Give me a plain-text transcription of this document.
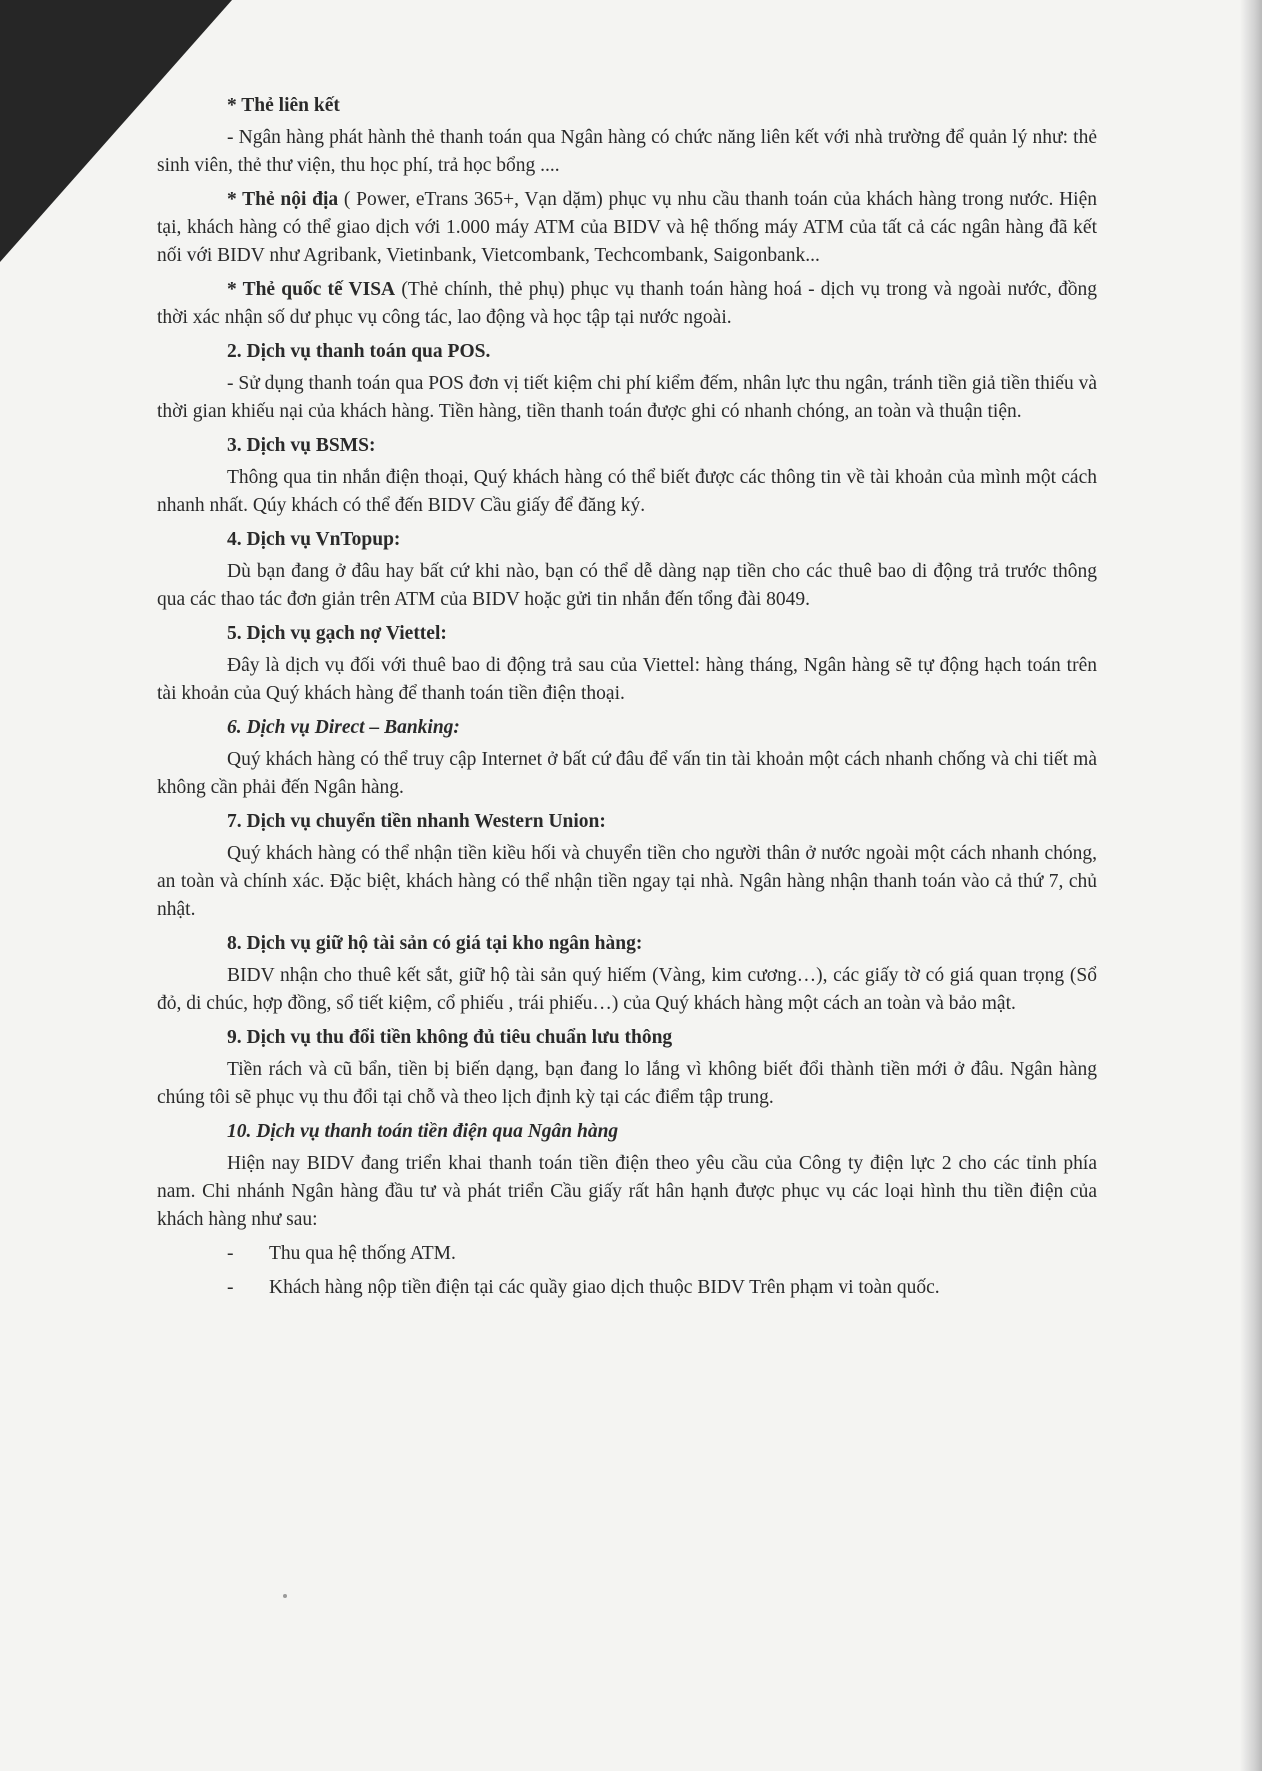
* Thẻ liên kết

- Ngân hàng phát hành thẻ thanh toán qua Ngân hàng có chức năng liên kết với nhà trường để quản lý như: thẻ sinh viên, thẻ thư viện, thu học phí, trả học bổng ....

* Thẻ nội địa ( Power, eTrans 365+, Vạn dặm) phục vụ nhu cầu thanh toán của khách hàng trong nước. Hiện tại, khách hàng có thể giao dịch với 1.000 máy ATM của BIDV và hệ thống máy ATM của tất cả các ngân hàng đã kết nối với BIDV như Agribank, Vietinbank, Vietcombank, Techcombank, Saigonbank...

* Thẻ quốc tế VISA (Thẻ chính, thẻ phụ) phục vụ thanh toán hàng hoá - dịch vụ trong và ngoài nước, đồng thời xác nhận số dư phục vụ công tác, lao động và học tập tại nước ngoài.

2. Dịch vụ thanh toán qua POS.

- Sử dụng thanh toán qua POS đơn vị tiết kiệm chi phí kiểm đếm, nhân lực thu ngân, tránh tiền giả tiền thiếu và thời gian khiếu nại của khách hàng. Tiền hàng, tiền thanh toán được ghi có nhanh chóng, an toàn và thuận tiện.

3. Dịch vụ BSMS:

Thông qua tin nhắn điện thoại, Quý khách hàng có thể biết được các thông tin về tài khoản của mình một cách nhanh nhất. Qúy khách có thể đến BIDV Cầu giấy để đăng ký.

4. Dịch vụ VnTopup:

Dù bạn đang ở đâu hay bất cứ khi nào, bạn có thể dễ dàng nạp tiền cho các thuê bao di động trả trước thông qua các thao tác đơn giản trên ATM của BIDV hoặc gửi tin nhắn đến tổng đài 8049.

5. Dịch vụ gạch nợ Viettel:

Đây là dịch vụ đối với thuê bao di động trả sau của Viettel: hàng tháng, Ngân hàng sẽ tự động hạch toán trên tài khoản của Quý khách hàng để thanh toán tiền điện thoại.

6. Dịch vụ Direct – Banking:

Quý khách hàng có thể truy cập Internet ở bất cứ đâu để vấn tin tài khoản một cách nhanh chống và chi tiết mà không cần phải đến Ngân hàng.

7. Dịch vụ chuyển tiền nhanh Western Union:

Quý khách hàng có thể nhận tiền kiều hối và chuyển tiền cho người thân ở nước ngoài một cách nhanh chóng, an toàn và chính xác. Đặc biệt, khách hàng có thể nhận tiền ngay tại nhà. Ngân hàng nhận thanh toán vào cả thứ 7, chủ nhật.

8. Dịch vụ giữ hộ tài sản có giá tại kho ngân hàng:

BIDV nhận cho thuê kết sắt, giữ hộ tài sản quý hiếm (Vàng, kim cương…), các giấy tờ có giá quan trọng (Sổ đỏ, di chúc, hợp đồng, sổ tiết kiệm, cổ phiếu , trái phiếu…) của Quý khách hàng một cách an toàn và bảo mật.

9. Dịch vụ thu đổi tiền không đủ tiêu chuẩn lưu thông

Tiền rách và cũ bẩn, tiền bị biến dạng, bạn đang lo lắng vì không biết đổi thành tiền mới ở đâu. Ngân hàng chúng tôi sẽ phục vụ thu đổi tại chỗ và theo lịch định kỳ tại các điểm tập trung.

10. Dịch vụ thanh toán tiền điện qua Ngân hàng

Hiện nay BIDV đang triển khai thanh toán tiền điện theo yêu cầu của Công ty điện lực 2 cho các tỉnh phía nam. Chi nhánh Ngân hàng đầu tư và phát triển Cầu giấy rất hân hạnh được phục vụ các loại hình thu tiền điện của khách hàng như sau:

- Thu qua hệ thống ATM.
- Khách hàng nộp tiền điện tại các quầy giao dịch thuộc BIDV Trên phạm vi toàn quốc.
